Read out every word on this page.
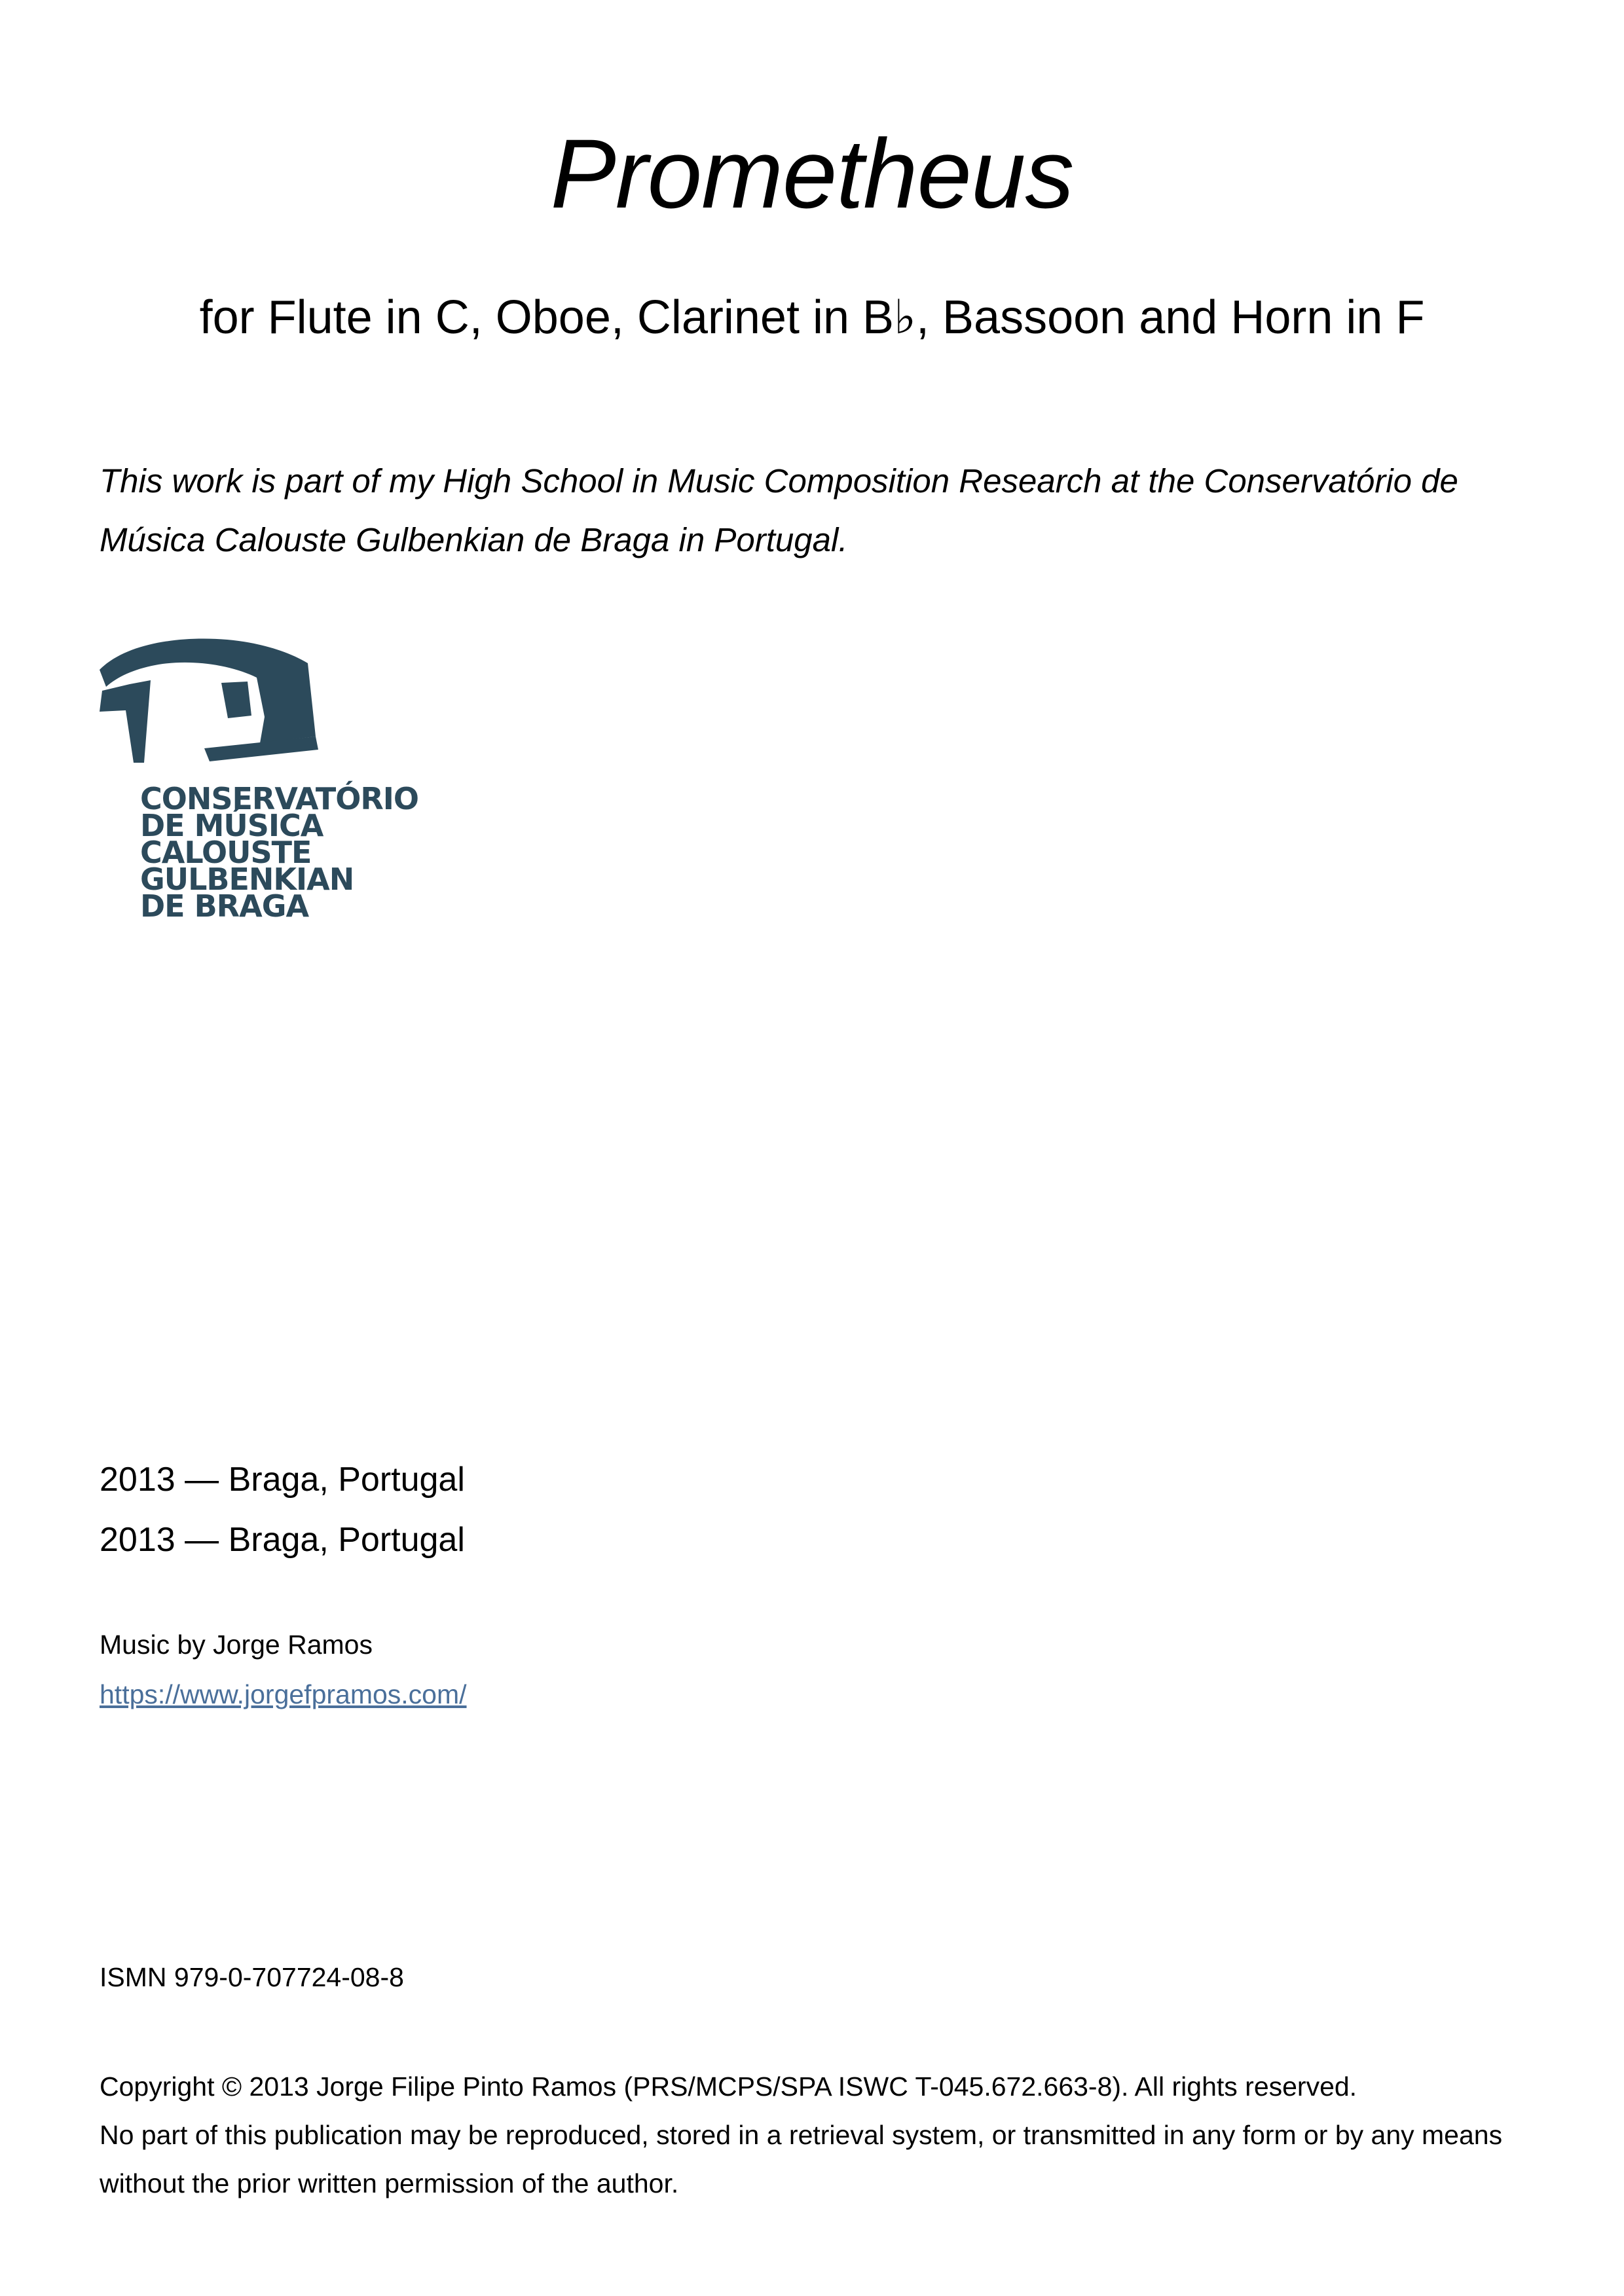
Prometheus
for Flute in C, Oboe, Clarinet in B♭, Bassoon and Horn in F
This work is part of my High School in Music Composition Research at the Conservatório de
Música Calouste Gulbenkian de Braga in Portugal.
CONSERVATÓRIO
DE MÚSICA
CALOUSTE
GULBENKIAN
DE BRAGA
2013 — Braga, Portugal
2013 — Braga, Portugal
Music by Jorge Ramos
https://www.jorgefpramos.com/
ISMN 979-0-707724-08-8
Copyright © 2013 Jorge Filipe Pinto Ramos (PRS/MCPS/SPA ISWC T-045.672.663-8). All rights reserved.
No part of this publication may be reproduced, stored in a retrieval system, or transmitted in any form or by any means
without the prior written permission of the author.
